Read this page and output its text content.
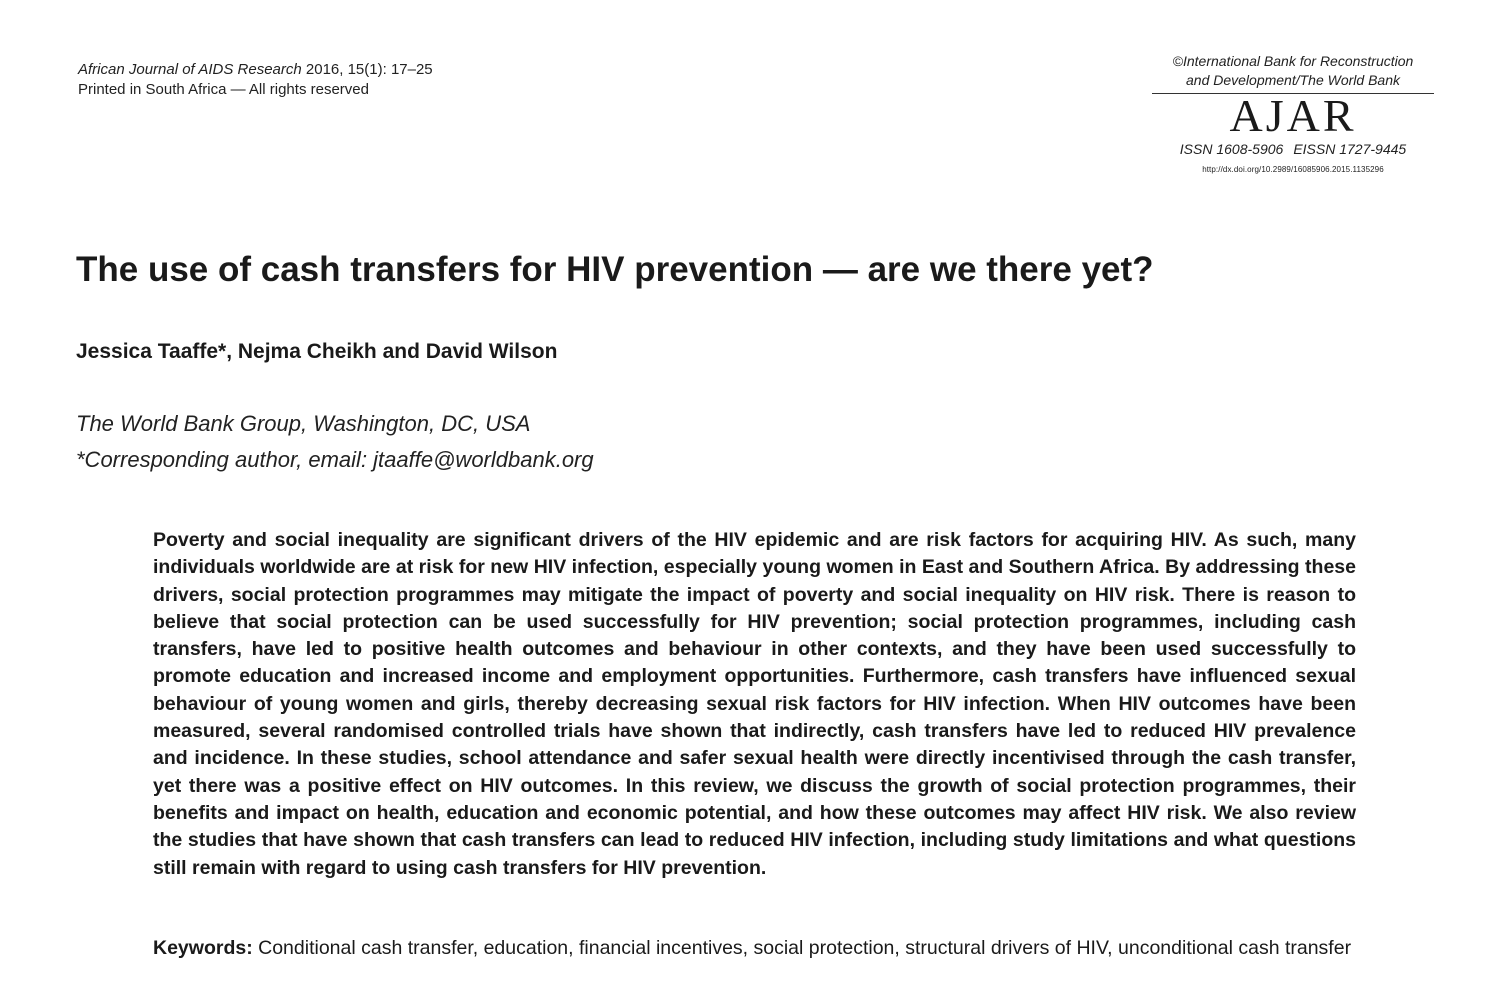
African Journal of AIDS Research 2016, 15(1): 17–25
Printed in South Africa — All rights reserved
©International Bank for Reconstruction
and Development/The World Bank
AJAR
ISSN 1608-5906 EISSN 1727-9445
http://dx.doi.org/10.2989/16085906.2015.1135296
The use of cash transfers for HIV prevention — are we there yet?
Jessica Taaffe*, Nejma Cheikh and David Wilson
The World Bank Group, Washington, DC, USA
*Corresponding author, email: jtaaffe@worldbank.org

Poverty and social inequality are significant drivers of the HIV epidemic and are risk factors for acquiring HIV. As such, many individuals worldwide are at risk for new HIV infection, especially young women in East and Southern Africa. By addressing these drivers, social protection programmes may mitigate the impact of poverty and social inequality on HIV risk. There is reason to believe that social protection can be used successfully for HIV prevention; social protection programmes, including cash transfers, have led to positive health outcomes and behaviour in other contexts, and they have been used successfully to promote education and increased income and employment opportunities. Furthermore, cash transfers have influenced sexual behaviour of young women and girls, thereby decreasing sexual risk factors for HIV infection. When HIV outcomes have been measured, several randomised controlled trials have shown that indirectly, cash transfers have led to reduced HIV prevalence and incidence. In these studies, school attendance and safer sexual health were directly incentivised through the cash transfer, yet there was a positive effect on HIV outcomes. In this review, we discuss the growth of social protection programmes, their benefits and impact on health, education and economic potential, and how these outcomes may affect HIV risk. We also review the studies that have shown that cash transfers can lead to reduced HIV infection, including study limitations and what questions still remain with regard to using cash transfers for HIV prevention.

Keywords: Conditional cash transfer, education, financial incentives, social protection, structural drivers of HIV, unconditional cash transfer
